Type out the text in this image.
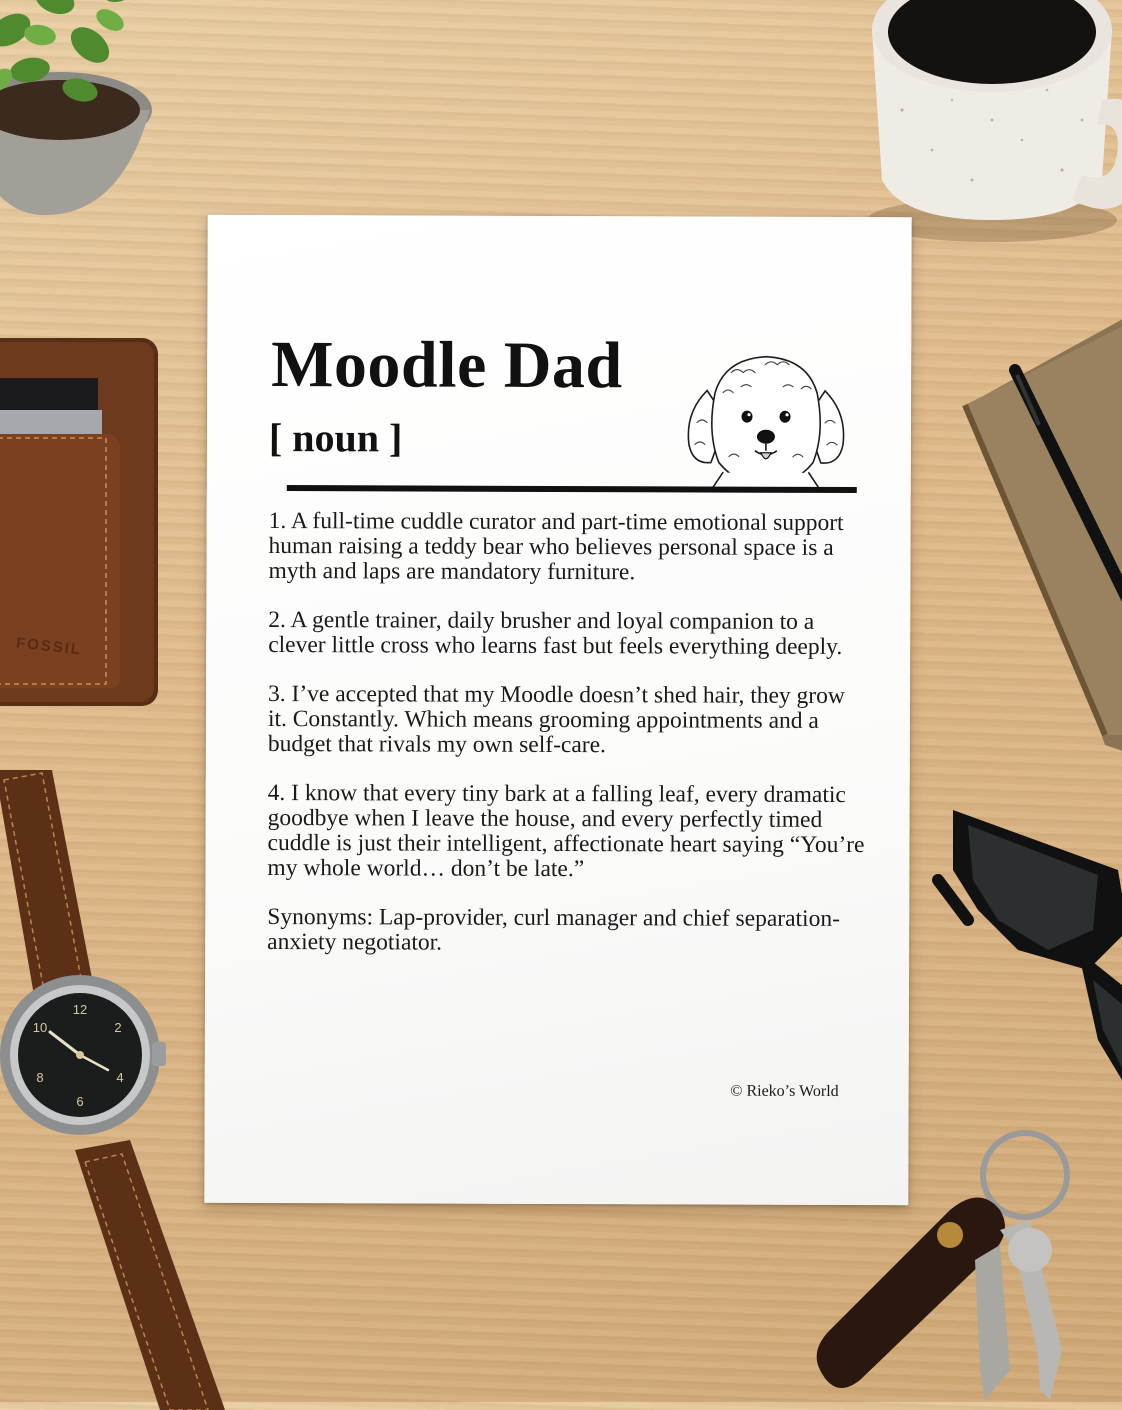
FOSSIL
12
2
4
6
8
10
Moodle Dad
[ noun ]

1. A full-time cuddle curator and part-time emotional support human raising a teddy bear who believes personal space is a myth and laps are mandatory furniture.

2. A gentle trainer, daily brusher and loyal companion to a clever little cross who learns fast but feels everything deeply.

3. I’ve accepted that my Moodle doesn’t shed hair, they grow it. Constantly. Which means grooming appointments and a budget that rivals my own self-care.

4. I know that every tiny bark at a falling leaf, every dramatic goodbye when I leave the house, and every perfectly timed cuddle is just their intelligent, affectionate heart saying “You’re my whole world… don’t be late.”

Synonyms: Lap-provider, curl manager and chief separation-anxiety negotiator.

© Rieko’s World
